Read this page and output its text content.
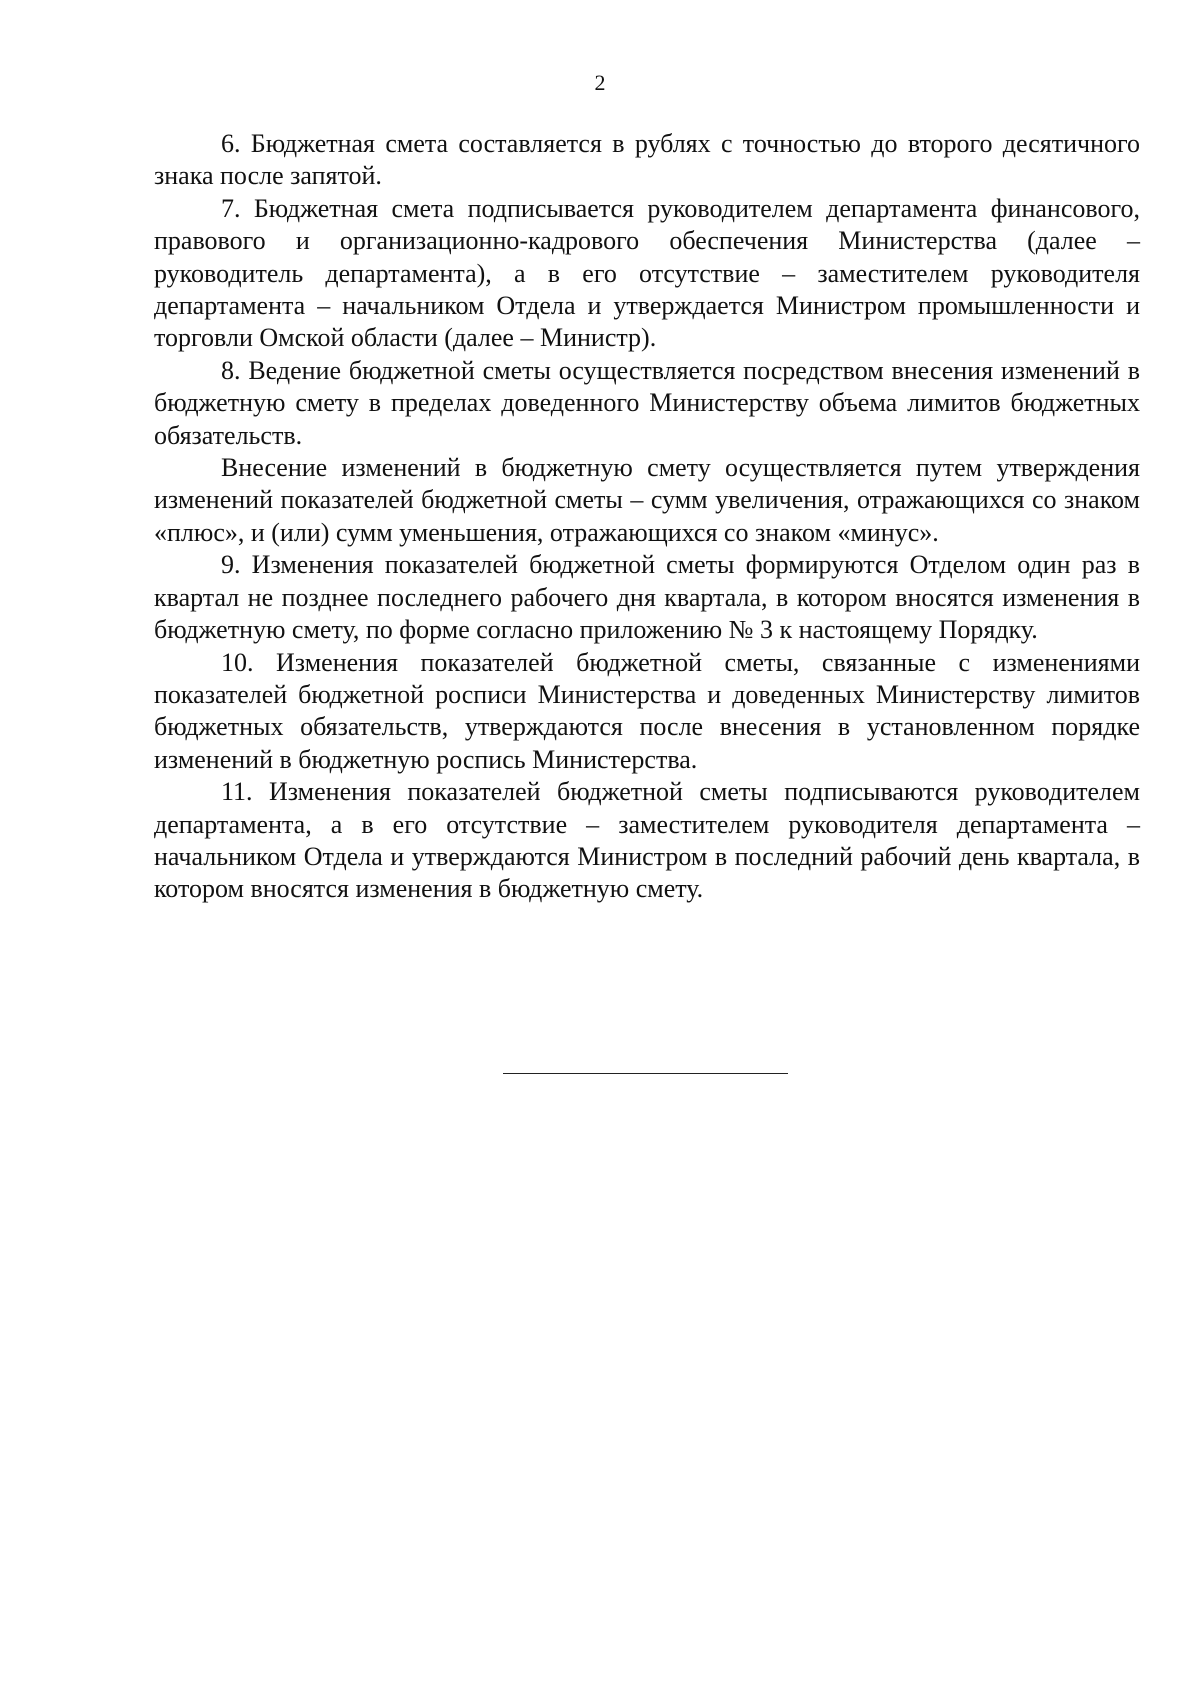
2

6. Бюджетная смета составляется в рублях с точностью до второго десятичного знака после запятой.

7. Бюджетная смета подписывается руководителем департамента финансового, правового и организационно-кадрового обеспечения Министерства (далее – руководитель департамента), а в его отсутствие – заместителем руководителя департамента – начальником Отдела и утверждается Министром промышленности и торговли Омской области (далее – Министр).

8. Ведение бюджетной сметы осуществляется посредством внесения изменений в бюджетную смету в пределах доведенного Министерству объема лимитов бюджетных обязательств.

Внесение изменений в бюджетную смету осуществляется путем утверждения изменений показателей бюджетной сметы – сумм увеличения, отражающихся со знаком «плюс», и (или) сумм уменьшения, отражающихся со знаком «минус».

9. Изменения показателей бюджетной сметы формируются Отделом один раз в квартал не позднее последнего рабочего дня квартала, в котором вносятся изменения в бюджетную смету, по форме согласно приложению № 3 к настоящему Порядку.

10. Изменения показателей бюджетной сметы, связанные с изменениями показателей бюджетной росписи Министерства и доведенных Министерству лимитов бюджетных обязательств, утверждаются после внесения в установленном порядке изменений в бюджетную роспись Министерства.

11. Изменения показателей бюджетной сметы подписываются руководителем департамента, а в его отсутствие – заместителем руководителя департамента – начальником Отдела и утверждаются Министром в последний рабочий день квартала, в котором вносятся изменения в бюджетную смету.
